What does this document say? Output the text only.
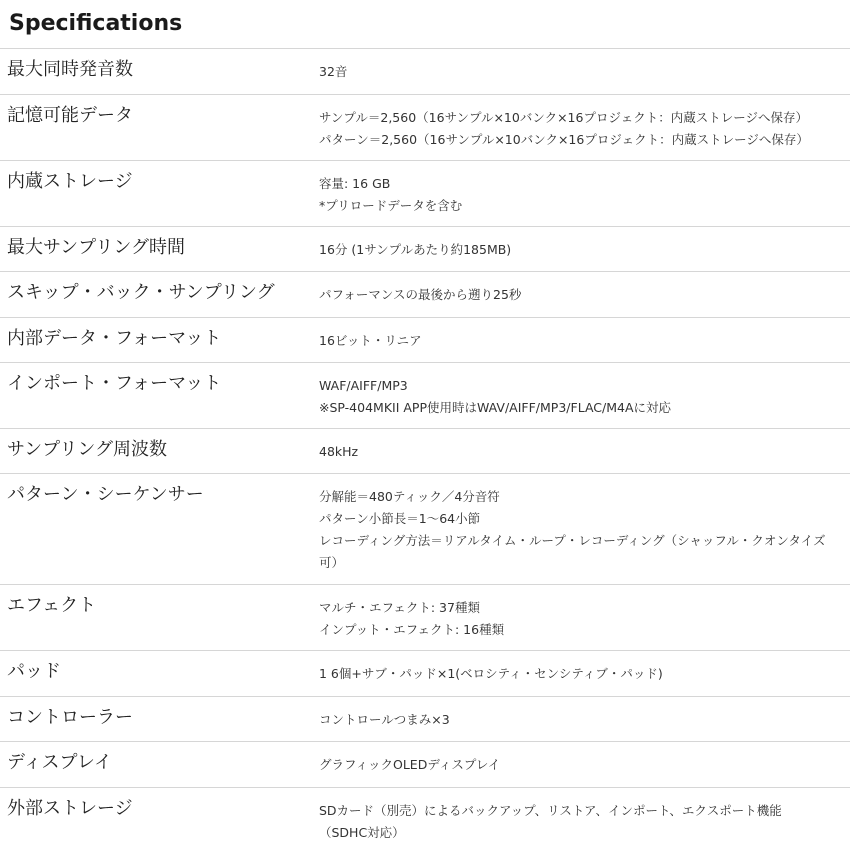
Specifications
最大同時発音数	32音
記憶可能データ	サンプル＝2,560（16サンプル×10バンク×16プロジェクト：内蔵ストレージへ保存）
パターン＝2,560（16サンプル×10バンク×16プロジェクト：内蔵ストレージへ保存）
内蔵ストレージ	容量: 16 GB
*プリロードデータを含む
最大サンプリング時間	16分 (1サンプルあたり約185MB)
スキップ・バック・サンプリング	パフォーマンスの最後から遡り25秒
内部データ・フォーマット	16ビット・リニア
インポート・フォーマット	WAF/AIFF/MP3
※SP-404MKII APP使用時はWAV/AIFF/MP3/FLAC/M4Aに対応
サンプリング周波数	48kHz
パターン・シーケンサー	分解能＝480ティック／4分音符
パターン小節長＝1〜64小節
レコーディング方法＝リアルタイム・ループ・レコーディング（シャッフル・クオンタイズ可）
エフェクト	マルチ・エフェクト: 37種類
インプット・エフェクト: 16種類
パッド	1 6個+サブ・パッド×1(ベロシティ・センシティブ・パッド)
コントローラー	コントロールつまみ×3
ディスプレイ	グラフィックOLEDディスプレイ
外部ストレージ	SDカード（別売）によるバックアップ、リストア、インポート、エクスポート機能（SDHC対応）
